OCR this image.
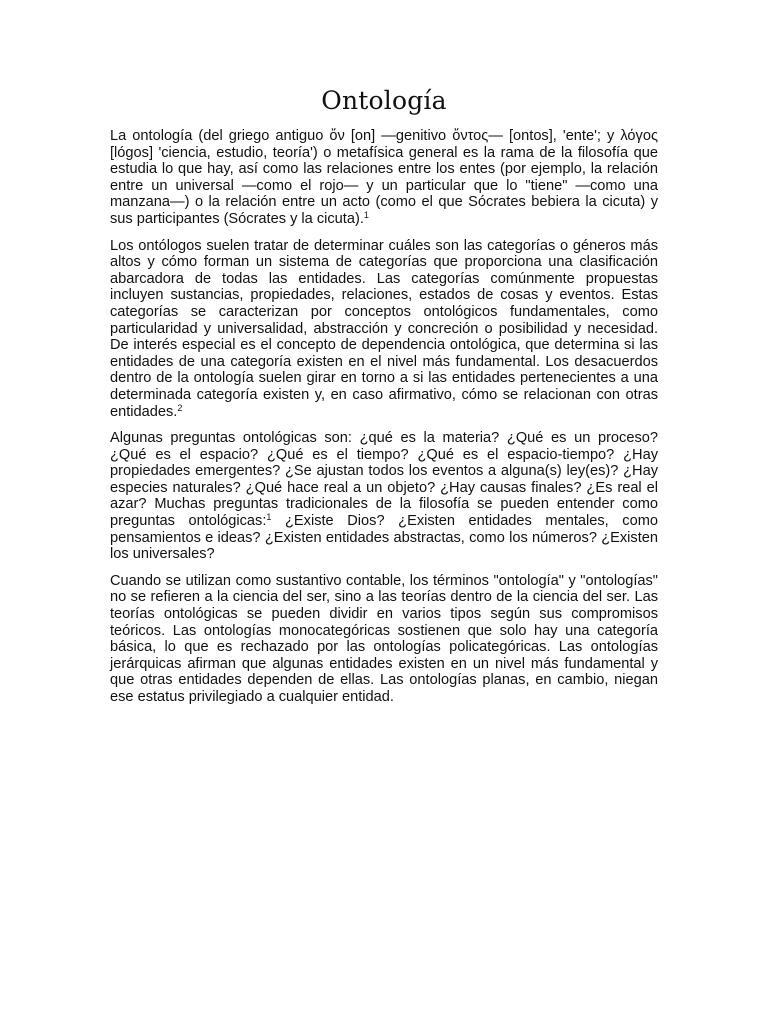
Ontología

La ontología (del griego antiguo ὄν [on] —genitivo ὄντος— [ontos], 'ente'; y λόγος [lógos] 'ciencia, estudio, teoría') o metafísica general es la rama de la filosofía que estudia lo que hay, así como las relaciones entre los entes (por ejemplo, la relación entre un universal —como el rojo— y un particular que lo "tiene" —como una manzana—) o la relación entre un acto (como el que Sócrates bebiera la cicuta) y sus participantes (Sócrates y la cicuta).$^1$

Los ontólogos suelen tratar de determinar cuáles son las categorías o géneros más altos y cómo forman un sistema de categorías que proporciona una clasificación abarcadora de todas las entidades. Las categorías comúnmente propuestas incluyen sustancias, propiedades, relaciones, estados de cosas y eventos. Estas categorías se caracterizan por conceptos ontológicos fundamentales, como particularidad y universalidad, abstracción y concreción o posibilidad y necesidad. De interés especial es el concepto de dependencia ontológica, que determina si las entidades de una categoría existen en el nivel más fundamental. Los desacuerdos dentro de la ontología suelen girar en torno a si las entidades pertenecientes a una determinada categoría existen y, en caso afirmativo, cómo se relacionan con otras entidades.$^2$

Algunas preguntas ontológicas son: ¿qué es la materia? ¿Qué es un proceso? ¿Qué es el espacio? ¿Qué es el tiempo? ¿Qué es el espacio-tiempo? ¿Hay propiedades emergentes? ¿Se ajustan todos los eventos a alguna(s) ley(es)? ¿Hay especies naturales? ¿Qué hace real a un objeto? ¿Hay causas finales? ¿Es real el azar? Muchas preguntas tradicionales de la filosofía se pueden entender como preguntas ontológicas:$^1$ ¿Existe Dios? ¿Existen entidades mentales, como pensamientos e ideas? ¿Existen entidades abstractas, como los números? ¿Existen los universales?

Cuando se utilizan como sustantivo contable, los términos "ontología" y "ontologías" no se refieren a la ciencia del ser, sino a las teorías dentro de la ciencia del ser. Las teorías ontológicas se pueden dividir en varios tipos según sus compromisos teóricos. Las ontologías monocategóricas sostienen que solo hay una categoría básica, lo que es rechazado por las ontologías policategóricas. Las ontologías jerárquicas afirman que algunas entidades existen en un nivel más fundamental y que otras entidades dependen de ellas. Las ontologías planas, en cambio, niegan ese estatus privilegiado a cualquier entidad.
